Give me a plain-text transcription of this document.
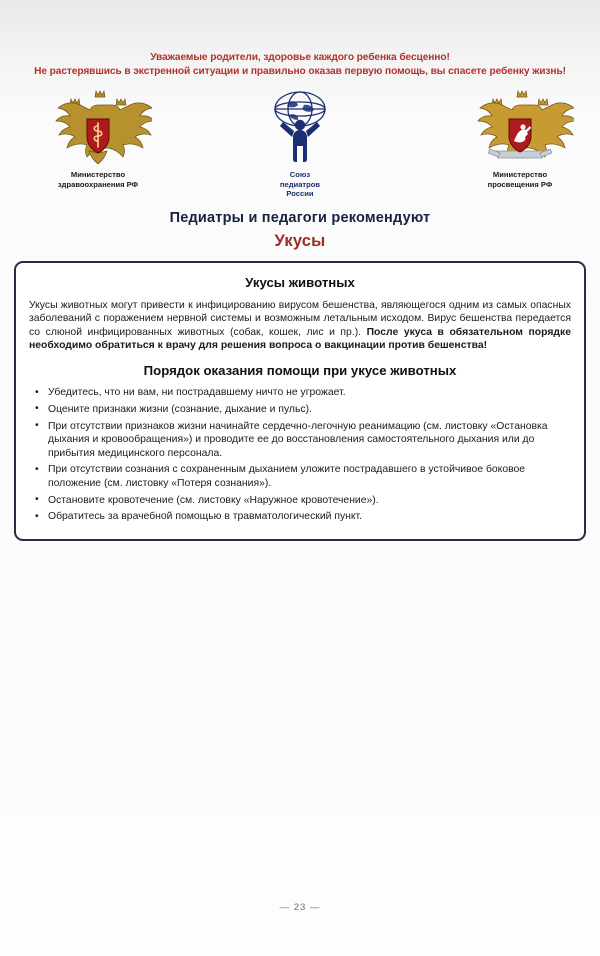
Уважаемые родители, здоровье каждого ребенка бесценно!
Не растерявшись в экстренной ситуации и правильно оказав первую помощь, вы спасете ребенку жизнь!
Министерство
здравоохранения РФ
Союз
педиатров
России
Министерство
просвещения РФ
Педиатры и педагоги рекомендуют
Укусы
Укусы животных

Укусы животных могут привести к инфицированию вирусом бешенства, являющегося одним из самых опасных заболеваний с поражением нервной системы и возможным летальным исходом. Вирус бешенства передается со слюной инфицированных животных (собак, кошек, лис и пр.). После укуса в обязательном порядке необходимо обратиться к врачу для решения вопроса о вакцинации против бешенства!

Порядок оказания помощи при укусе животных
• Убедитесь, что ни вам, ни пострадавшему ничто не угрожает.
• Оцените признаки жизни (сознание, дыхание и пульс).
• При отсутствии признаков жизни начинайте сердечно-легочную реанимацию (см. листовку «Остановка дыхания и кровообращения») и проводите ее до восстановления самостоятельного дыхания или до прибытия медицинского персонала.
• При отсутствии сознания с сохраненным дыханием уложите пострадавшего в устойчивое боковое положение (см. листовку «Потеря сознания»).
• Остановите кровотечение (см. листовку «Наружное кровотечение»).
• Обратитесь за врачебной помощью в травматологический пункт.
— 23 —
